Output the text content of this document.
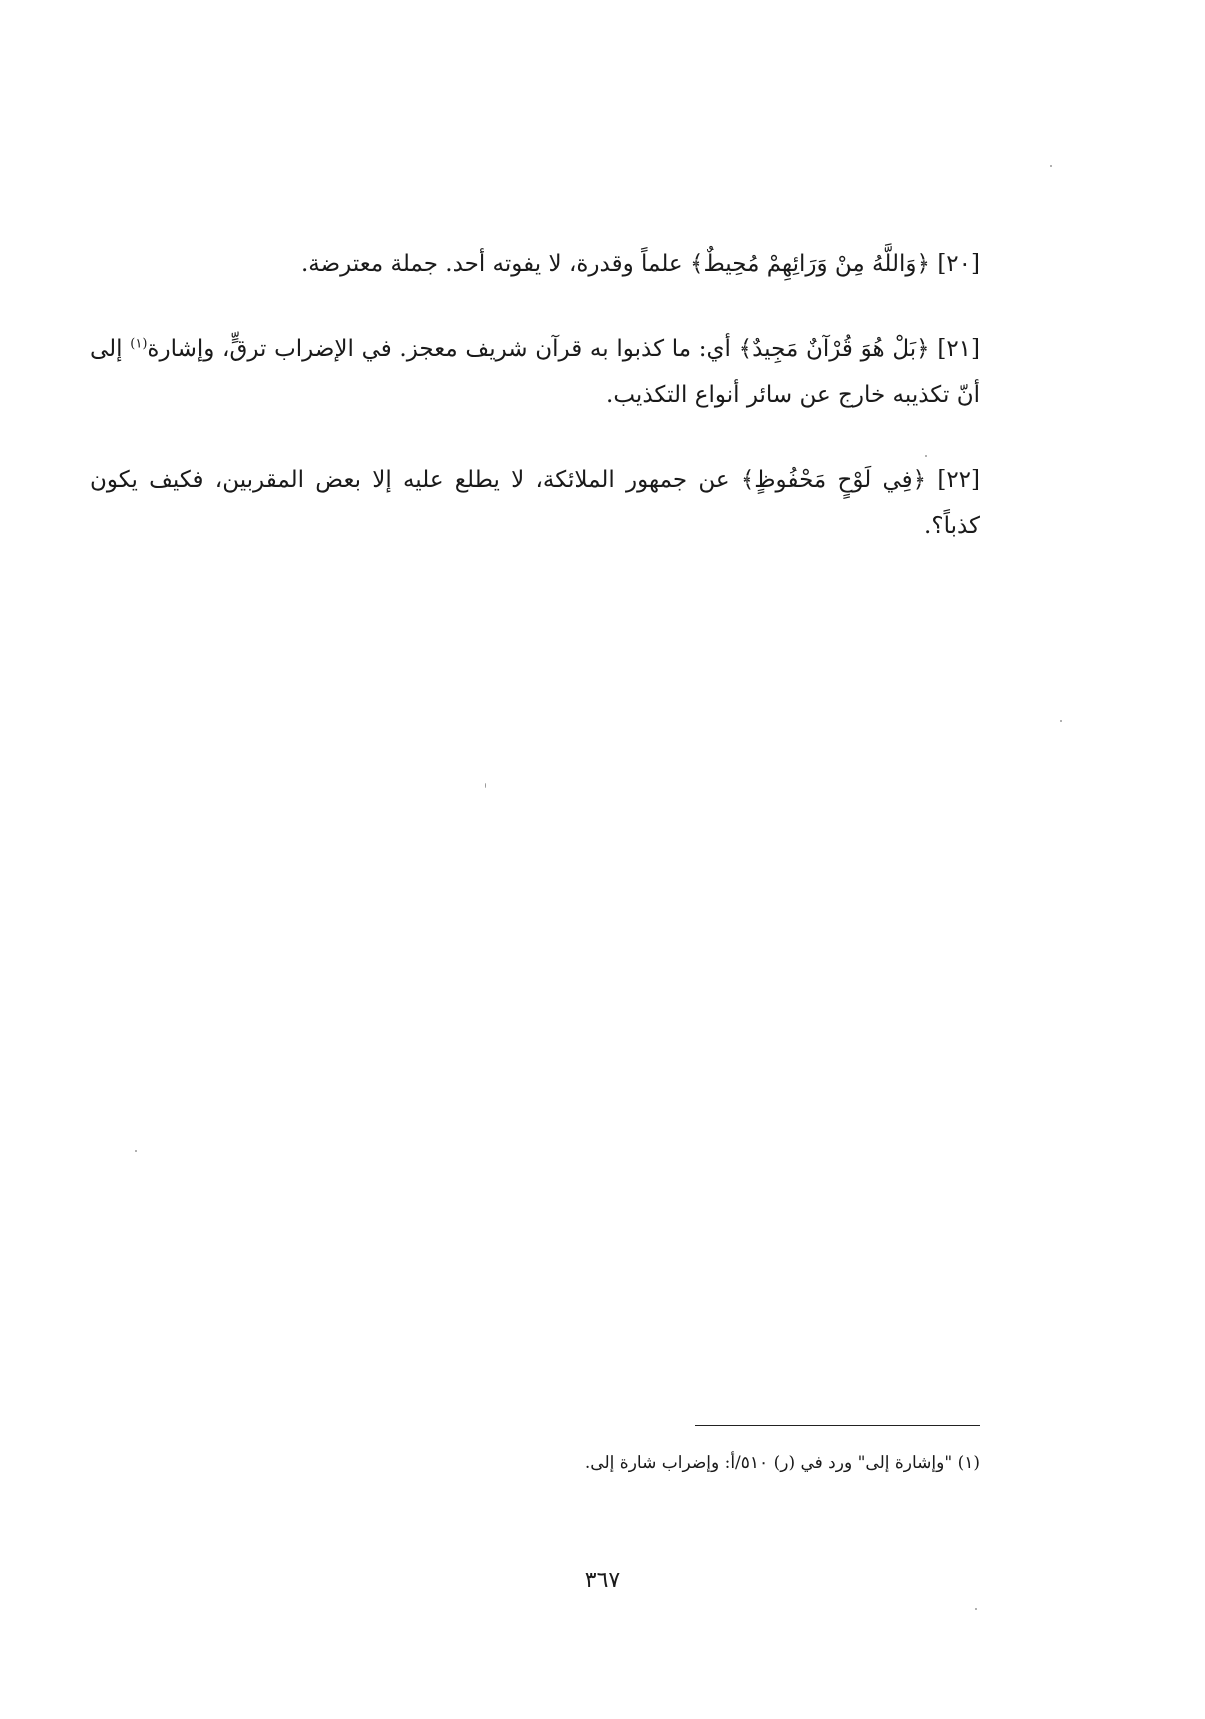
[٢٠] ﴿وَاللَّهُ مِنْ وَرَائِهِمْ مُحِيطٌ﴾ علماً وقدرة، لا يفوته أحد. جملة معترضة.

[٢١] ﴿بَلْ هُوَ قُرْآنٌ مَجِيدٌ﴾ أي: ما كذبوا به قرآن شريف معجز. في الإضراب ترقٍّ، وإشارة$^{(١)}$ إلى أنّ تكذيبه خارج عن سائر أنواع التكذيب.

[٢٢] ﴿فِي لَوْحٍ مَحْفُوظٍ﴾ عن جمهور الملائكة، لا يطلع عليه إلا بعض المقربين، فكيف يكون كذباً؟.

(١) "وإشارة إلى" ورد في (ر) ٥١٠/أ: وإضراب شارة إلى.
٣٦٧
